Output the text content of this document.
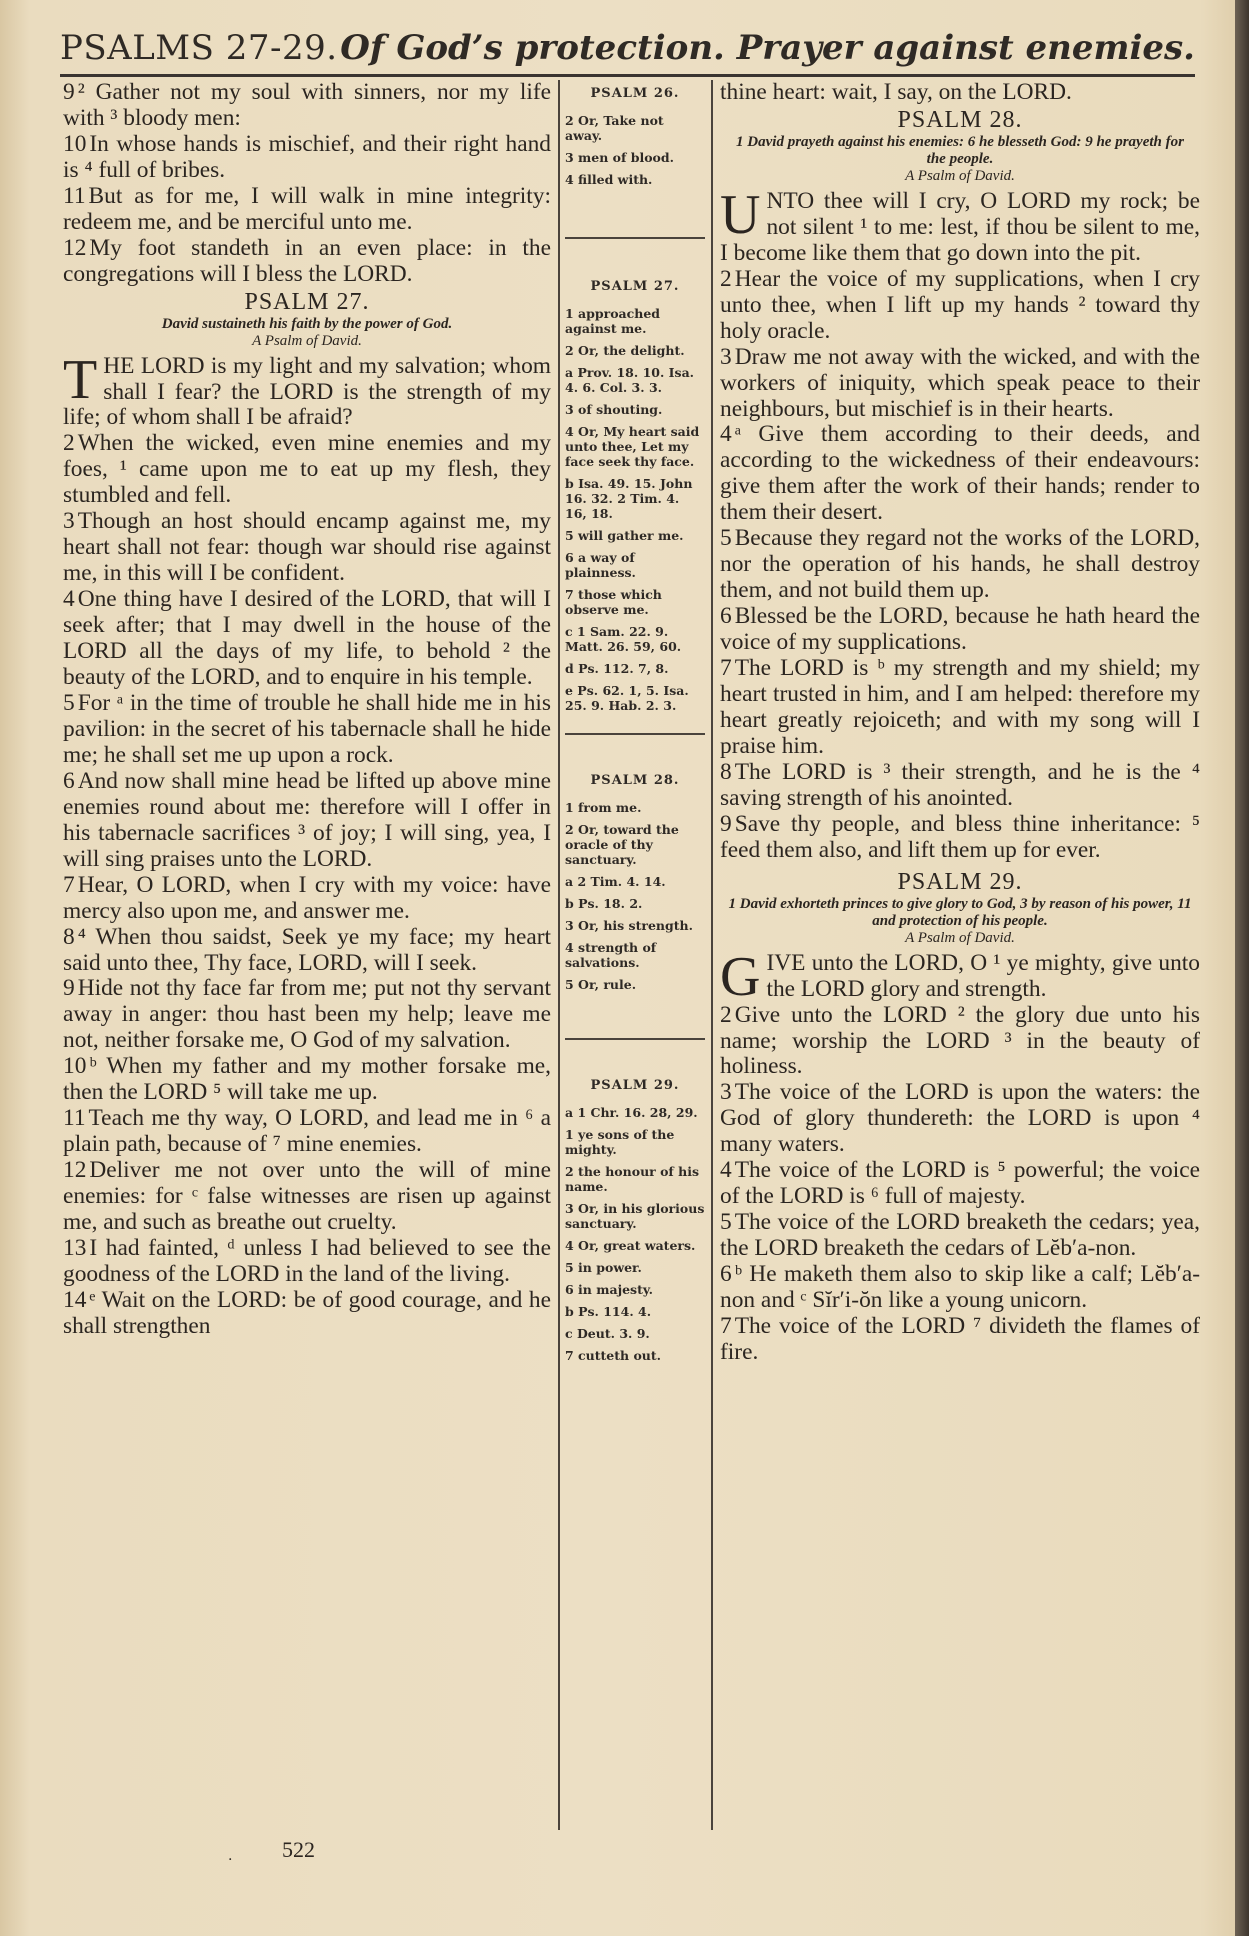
PSALMS 27-29. Of God’s protection. Prayer against enemies.

9 ² Gather not my soul with sinners, nor my life with ³ bloody men:

10 In whose hands is mischief, and their right hand is ⁴ full of bribes.

11 But as for me, I will walk in mine integrity: redeem me, and be merciful unto me.

12 My foot standeth in an even place: in the congregations will I bless the LORD.

PSALM 27.
David sustaineth his faith by the power of God.
A Psalm of David.

THE LORD is my light and my salvation; whom shall I fear? the LORD is the strength of my life; of whom shall I be afraid?

2 When the wicked, even mine enemies and my foes, ¹ came upon me to eat up my flesh, they stumbled and fell.

3 Though an host should encamp against me, my heart shall not fear: though war should rise against me, in this will I be confident.

4 One thing have I desired of the LORD, that will I seek after; that I may dwell in the house of the LORD all the days of my life, to behold ² the beauty of the LORD, and to enquire in his temple.

5 For ᵃ in the time of trouble he shall hide me in his pavilion: in the secret of his tabernacle shall he hide me; he shall set me up upon a rock.

6 And now shall mine head be lifted up above mine enemies round about me: therefore will I offer in his tabernacle sacrifices ³ of joy; I will sing, yea, I will sing praises unto the LORD.

7 Hear, O LORD, when I cry with my voice: have mercy also upon me, and answer me.

8 ⁴ When thou saidst, Seek ye my face; my heart said unto thee, Thy face, LORD, will I seek.

9 Hide not thy face far from me; put not thy servant away in anger: thou hast been my help; leave me not, neither forsake me, O God of my salvation.

10 ᵇ When my father and my mother forsake me, then the LORD ⁵ will take me up.

11 Teach me thy way, O LORD, and lead me in ⁶ a plain path, because of ⁷ mine enemies.

12 Deliver me not over unto the will of mine enemies: for ᶜ false witnesses are risen up against me, and such as breathe out cruelty.

13 I had fainted, ᵈ unless I had believed to see the goodness of the LORD in the land of the living.

14 ᵉ Wait on the LORD: be of good courage, and he shall strengthen

PSALM 26.
2 Or, Take not away.
3 men of blood.
4 filled with.
PSALM 27.
1 approached against me.
2 Or, the delight.
a Prov. 18. 10. Isa. 4. 6. Col. 3. 3.
3 of shouting.
4 Or, My heart said unto thee, Let my face seek thy face.
b Isa. 49. 15. John 16. 32. 2 Tim. 4. 16, 18.
5 will gather me.
6 a way of plainness.
7 those which observe me.
c 1 Sam. 22. 9. Matt. 26. 59, 60.
d Ps. 112. 7, 8.
e Ps. 62. 1, 5. Isa. 25. 9. Hab. 2. 3.
PSALM 28.
1 from me.
2 Or, toward the oracle of thy sanctuary.
a 2 Tim. 4. 14.
b Ps. 18. 2.
3 Or, his strength.
4 strength of salvations.
5 Or, rule.
PSALM 29.
a 1 Chr. 16. 28, 29.
1 ye sons of the mighty.
2 the honour of his name.
3 Or, in his glorious sanctuary.
4 Or, great waters.
5 in power.
6 in majesty.
b Ps. 114. 4.
c Deut. 3. 9.
7 cutteth out.

thine heart: wait, I say, on the LORD.

PSALM 28.
1 David prayeth against his enemies: 6 he blesseth God: 9 he prayeth for the people.
A Psalm of David.

UNTO thee will I cry, O LORD my rock; be not silent ¹ to me: lest, if thou be silent to me, I become like them that go down into the pit.

2 Hear the voice of my supplications, when I cry unto thee, when I lift up my hands ² toward thy holy oracle.

3 Draw me not away with the wicked, and with the workers of iniquity, which speak peace to their neighbours, but mischief is in their hearts.

4 ᵃ Give them according to their deeds, and according to the wickedness of their endeavours: give them after the work of their hands; render to them their desert.

5 Because they regard not the works of the LORD, nor the operation of his hands, he shall destroy them, and not build them up.

6 Blessed be the LORD, because he hath heard the voice of my supplications.

7 The LORD is ᵇ my strength and my shield; my heart trusted in him, and I am helped: therefore my heart greatly rejoiceth; and with my song will I praise him.

8 The LORD is ³ their strength, and he is the ⁴ saving strength of his anointed.

9 Save thy people, and bless thine inheritance: ⁵ feed them also, and lift them up for ever.

PSALM 29.
1 David exhorteth princes to give glory to God, 3 by reason of his power, 11 and protection of his people.
A Psalm of David.

GIVE unto the LORD, O ¹ ye mighty, give unto the LORD glory and strength.

2 Give unto the LORD ² the glory due unto his name; worship the LORD ³ in the beauty of holiness.

3 The voice of the LORD is upon the waters: the God of glory thundereth: the LORD is upon ⁴ many waters.

4 The voice of the LORD is ⁵ powerful; the voice of the LORD is ⁶ full of majesty.

5 The voice of the LORD breaketh the cedars; yea, the LORD breaketh the cedars of Lĕb′a-non.

6 ᵇ He maketh them also to skip like a calf; Lĕb′a-non and ᶜ Sĭr′i-ŏn like a young unicorn.

7 The voice of the LORD ⁷ divideth the flames of fire.

. 522
